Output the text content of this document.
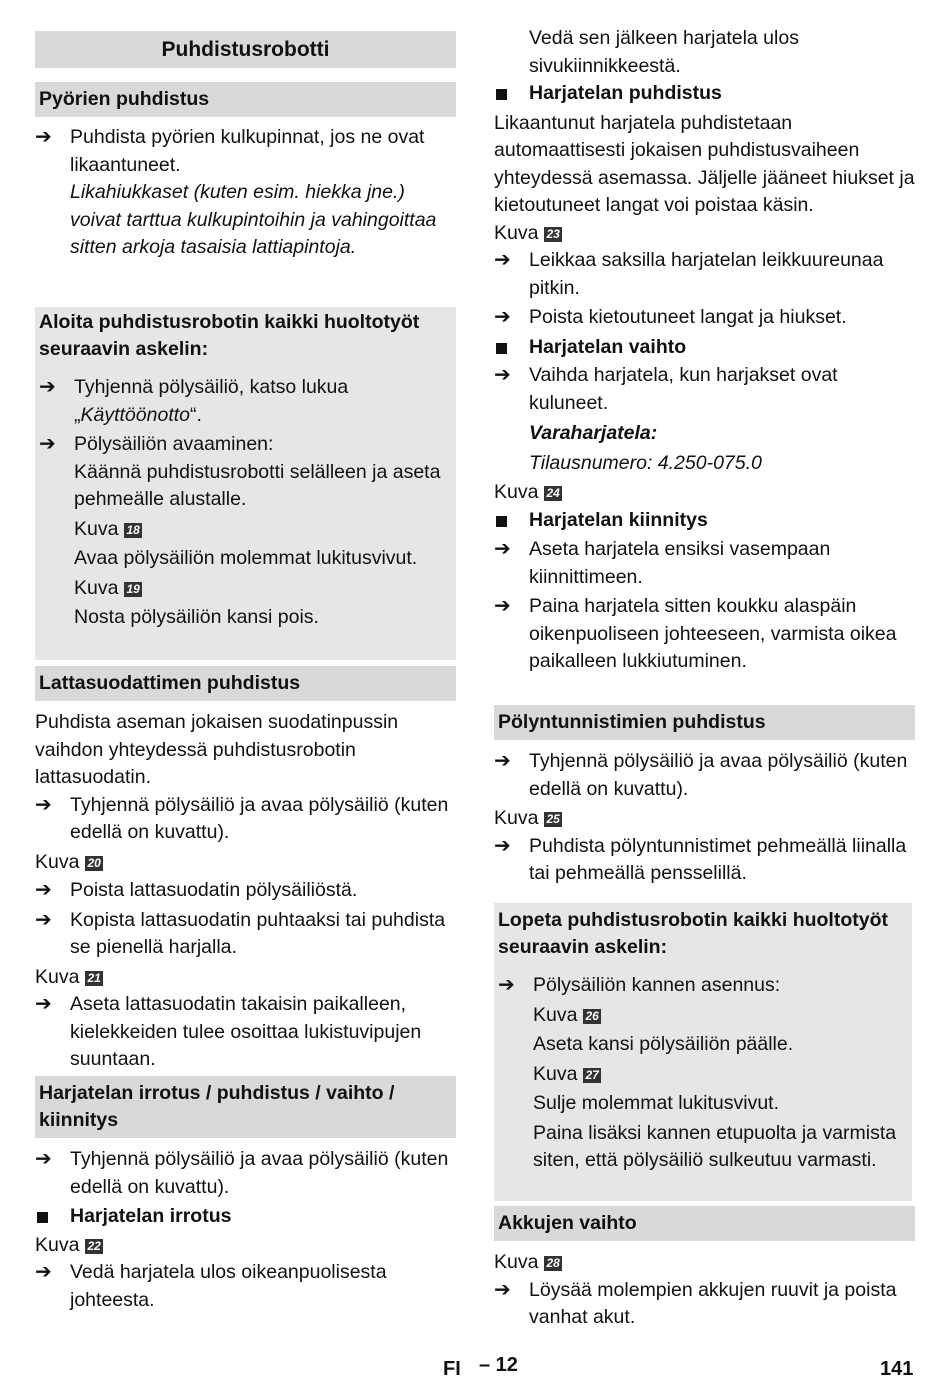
Puhdistusrobotti
Pyörien puhdistus
➔ Puhdista pyörien kulkupinnat, jos ne ovat likaantuneet.
Likahiukkaset (kuten esim. hiekka jne.) voivat tarttua kulkupintoihin ja vahingoittaa sitten arkoja tasaisia lattiapintoja.
Aloita puhdistusrobotin kaikki huoltotyöt seuraavin askelin:
➔ Tyhjennä pölysäiliö, katso lukua „Käyttöönotto“.
➔ Pölysäiliön avaaminen:
Käännä puhdistusrobotti selälleen ja aseta pehmeälle alustalle.
Kuva 18
Avaa pölysäiliön molemmat lukitusvivut.
Kuva 19
Nosta pölysäiliön kansi pois.
Lattasuodattimen puhdistus
Puhdista aseman jokaisen suodatinpussin vaihdon yhteydessä puhdistusrobotin lattasuodatin.
➔ Tyhjennä pölysäiliö ja avaa pölysäiliö (kuten edellä on kuvattu).
Kuva 20
➔ Poista lattasuodatin pölysäiliöstä.
➔ Kopista lattasuodatin puhtaaksi tai puhdista se pienellä harjalla.
Kuva 21
➔ Aseta lattasuodatin takaisin paikalleen, kielekkeiden tulee osoittaa lukistuvipujen suuntaan.
Harjatelan irrotus / puhdistus / vaihto / kiinnitys
➔ Tyhjennä pölysäiliö ja avaa pölysäiliö (kuten edellä on kuvattu).
Harjatelan irrotus
Kuva 22
➔ Vedä harjatela ulos oikeanpuolisesta johteesta.
Vedä sen jälkeen harjatela ulos sivukiinnikkeestä.
Harjatelan puhdistus
Likaantunut harjatela puhdistetaan automaattisesti jokaisen puhdistusvaiheen yhteydessä asemassa. Jäljelle jääneet hiukset ja kietoutuneet langat voi poistaa käsin.
Kuva 23
➔ Leikkaa saksilla harjatelan leikkuureunaa pitkin.
➔ Poista kietoutuneet langat ja hiukset.
Harjatelan vaihto
➔ Vaihda harjatela, kun harjakset ovat kuluneet.
Varaharjatela:
Tilausnumero: 4.250-075.0
Kuva 24
Harjatelan kiinnitys
➔ Aseta harjatela ensiksi vasempaan kiinnittimeen.
➔ Paina harjatela sitten koukku alaspäin oikenpuoliseen johteeseen, varmista oikea paikalleen lukkiutuminen.
Pölyntunnistimien puhdistus
➔ Tyhjennä pölysäiliö ja avaa pölysäiliö (kuten edellä on kuvattu).
Kuva 25
➔ Puhdista pölyntunnistimet pehmeällä liinalla tai pehmeällä pensselillä.
Lopeta puhdistusrobotin kaikki huoltotyöt seuraavin askelin:
➔ Pölysäiliön kannen asennus:
Kuva 26
Aseta kansi pölysäiliön päälle.
Kuva 27
Sulje molemmat lukitusvivut.
Paina lisäksi kannen etupuolta ja varmista siten, että pölysäiliö sulkeutuu varmasti.
Akkujen vaihto
Kuva 28
➔ Löysää molempien akkujen ruuvit ja poista vanhat akut.
FI – 12	141
